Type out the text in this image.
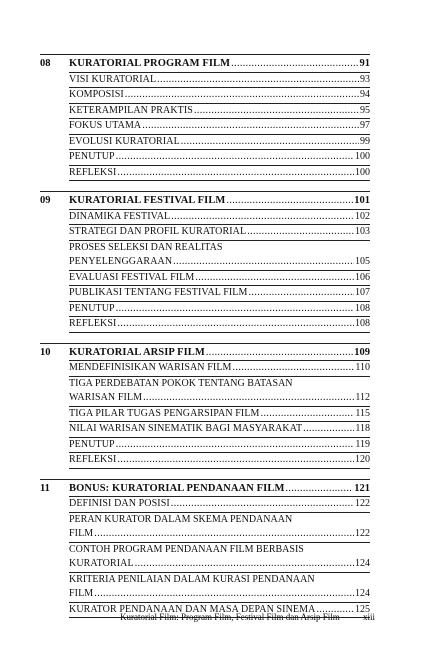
08 KURATORIAL PROGRAM FILM .....	91
VISI KURATORIAL .....	93
KOMPOSISI .....	94
KETERAMPILAN PRAKTIS .....	95
FOKUS UTAMA .....	97
EVOLUSI KURATORIAL .....	99
PENUTUP .....	100
REFLEKSI .....	100
09 KURATORIAL FESTIVAL FILM .....	101
DINAMIKA FESTIVAL .....	102
STRATEGI DAN PROFIL KURATORIAL .....	103
PROSES SELEKSI DAN REALITAS
PENYELENGGARAAN .....	105
EVALUASI FESTIVAL FILM .....	106
PUBLIKASI TENTANG FESTIVAL FILM .....	107
PENUTUP .....	108
REFLEKSI .....	108
10 KURATORIAL ARSIP FILM .....	109
MENDEFINISIKAN WARISAN FILM .....	110
TIGA PERDEBATAN POKOK TENTANG BATASAN
WARISAN FILM .....	112
TIGA PILAR TUGAS PENGARSIPAN FILM .....	115
NILAI WARISAN SINEMATIK BAGI MASYARAKAT .....	118
PENUTUP .....	119
REFLEKSI .....	120
11 BONUS: KURATORIAL PENDANAAN FILM .....	121
DEFINISI DAN POSISI .....	122
PERAN KURATOR DALAM SKEMA PENDANAAN
FILM .....	122
CONTOH PROGRAM PENDANAAN FILM BERBASIS
KURATORIAL .....	124
KRITERIA PENILAIAN DALAM KURASI PENDANAAN
FILM .....	124
KURATOR PENDANAAN DAN MASA DEPAN SINEMA .....	125
Kuratorial Film: Program Film, Festival Film dan Arsip Film	xiii
